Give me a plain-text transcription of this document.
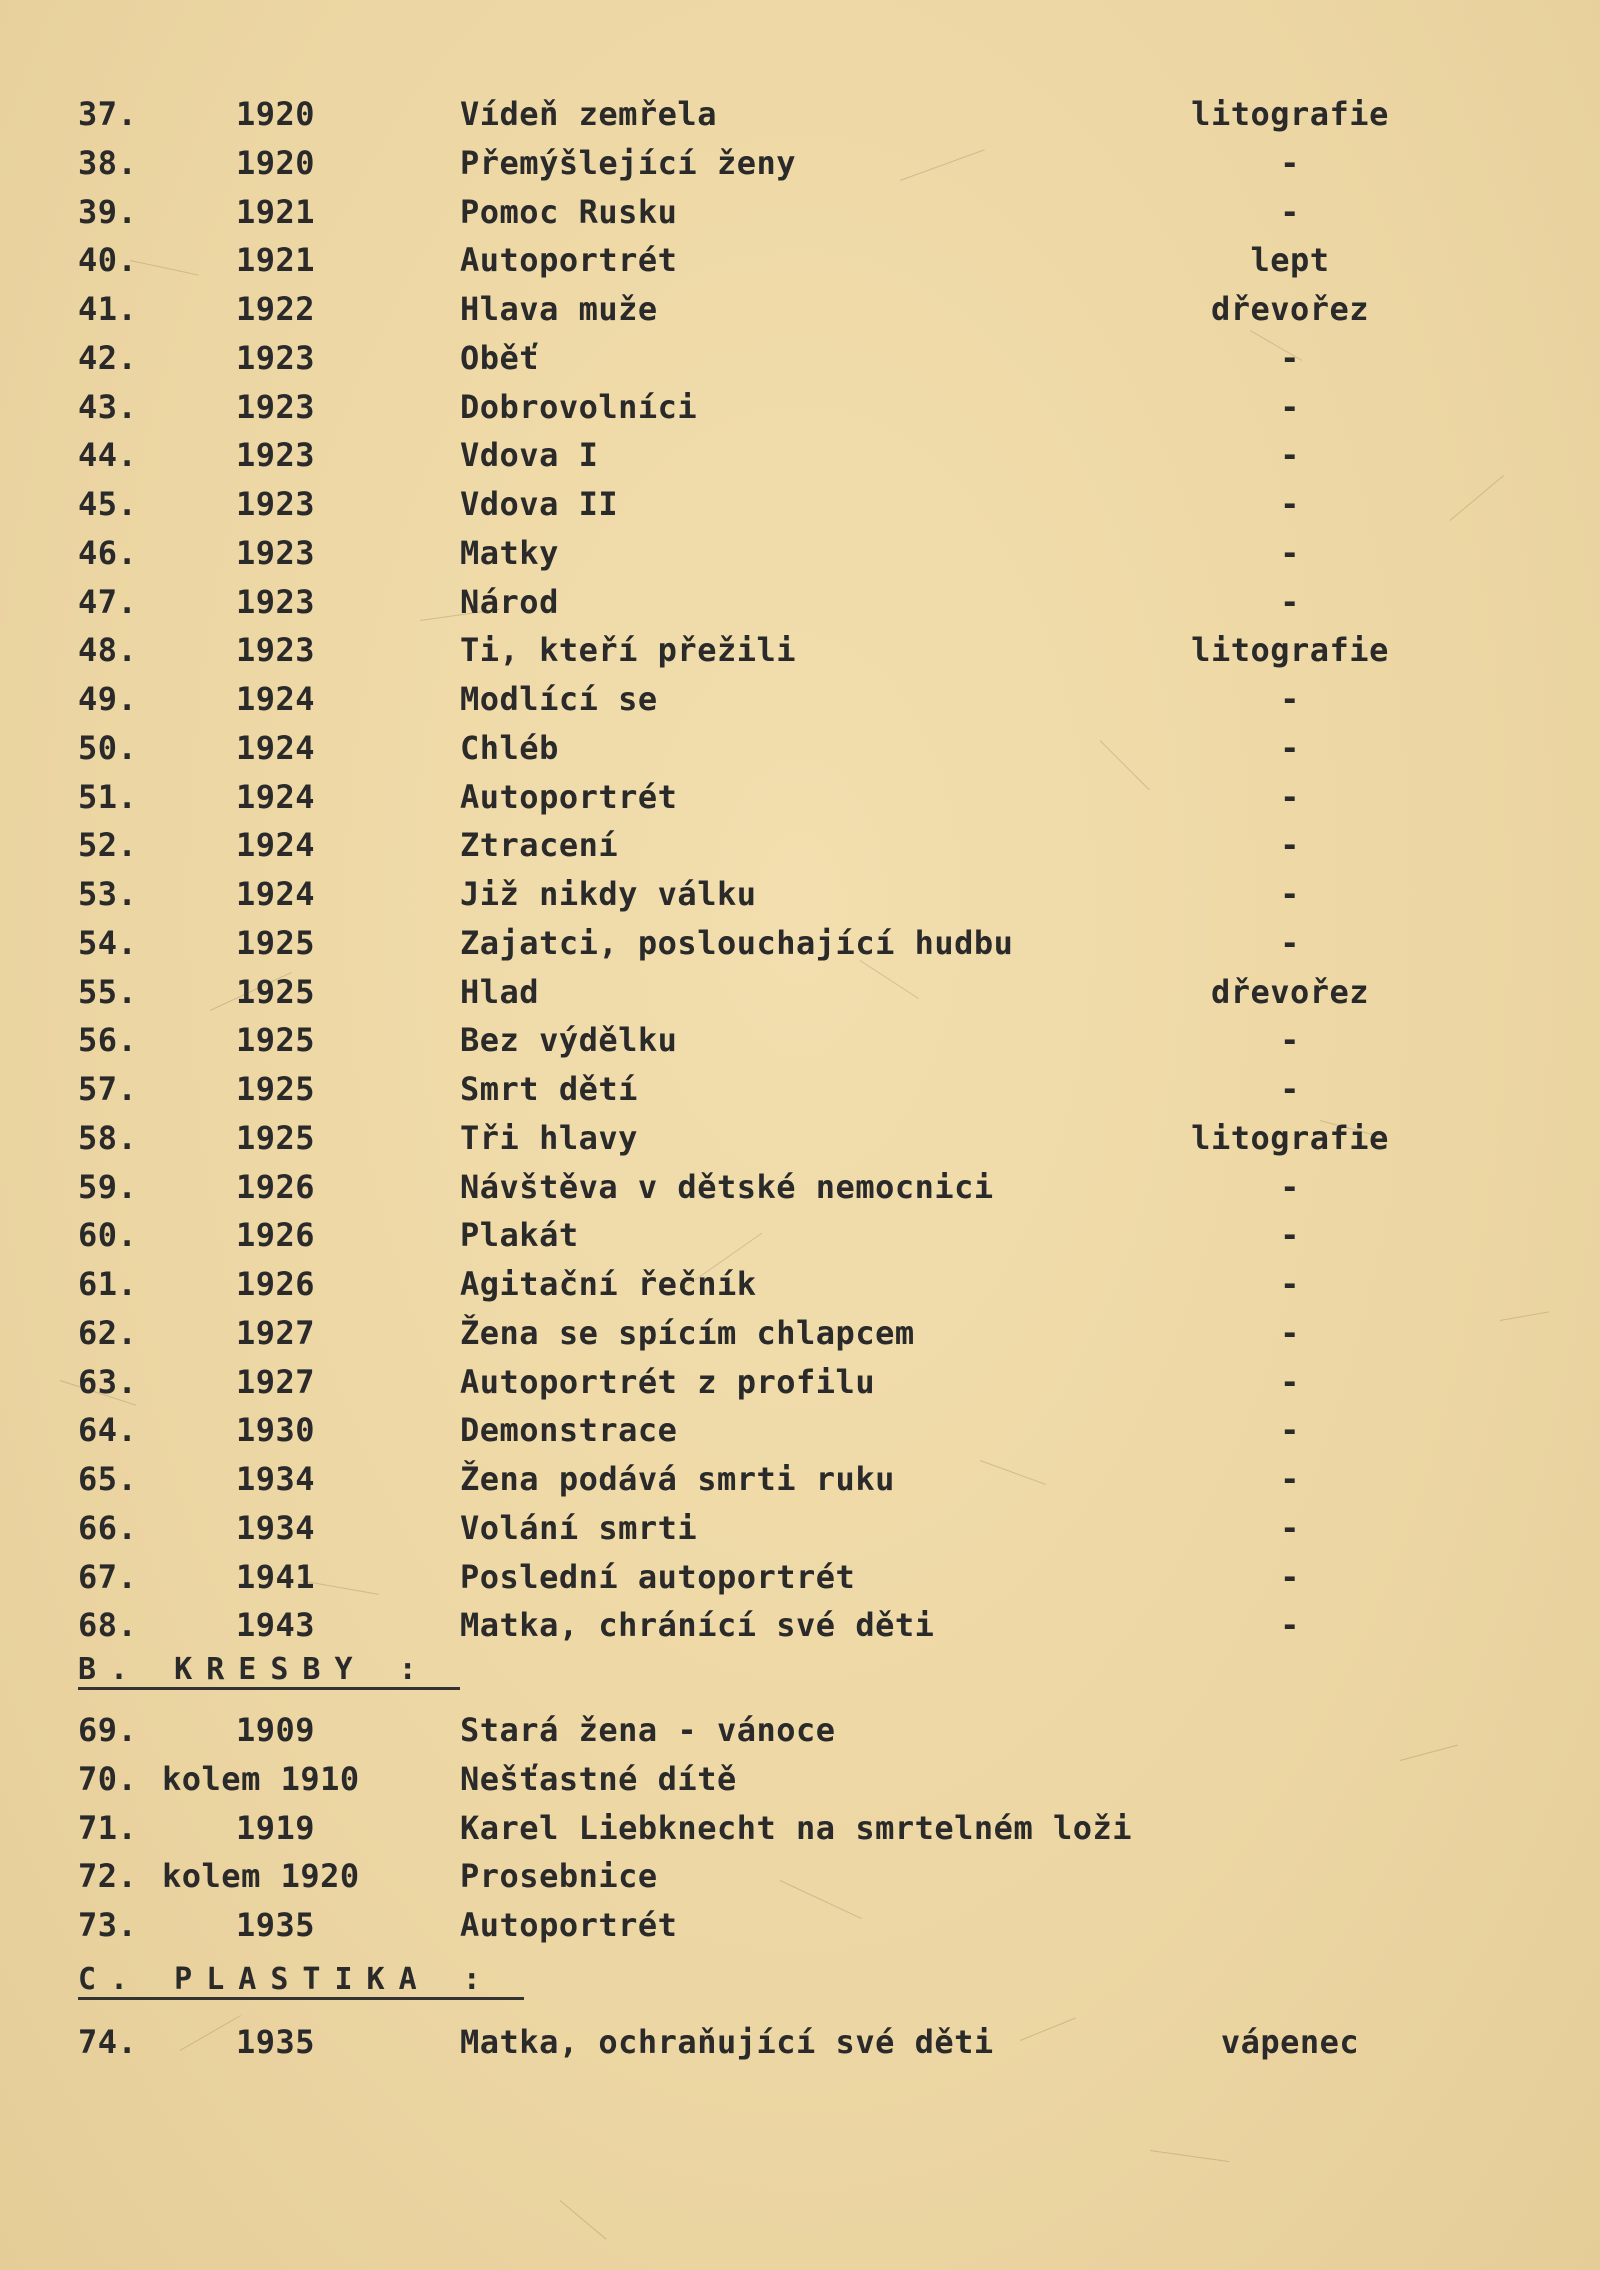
37.	1920	Vídeň zemřela	litografie
38.	1920	Přemýšlející ženy	-
39.	1921	Pomoc Rusku	-
40.	1921	Autoportrét	lept
41.	1922	Hlava muže	dřevořez
42.	1923	Oběť	-
43.	1923	Dobrovolníci	-
44.	1923	Vdova I	-
45.	1923	Vdova II	-
46.	1923	Matky	-
47.	1923	Národ	-
48.	1923	Ti, kteří přežili	litografie
49.	1924	Modlící se	-
50.	1924	Chléb	-
51.	1924	Autoportrét	-
52.	1924	Ztracení	-
53.	1924	Již nikdy válku	-
54.	1925	Zajatci, poslouchající hudbu	-
55.	1925	Hlad	dřevořez
56.	1925	Bez výdělku	-
57.	1925	Smrt dětí	-
58.	1925	Tři hlavy	litografie
59.	1926	Návštěva v dětské nemocnici	-
60.	1926	Plakát	-
61.	1926	Agitační řečník	-
62.	1927	Žena se spícím chlapcem	-
63.	1927	Autoportrét z profilu	-
64.	1930	Demonstrace	-
65.	1934	Žena podává smrti ruku	-
66.	1934	Volání smrti	-
67.	1941	Poslední autoportrét	-
68.	1943	Matka, chránící své děti	-
B. KRESBY :
69.	1909	Stará žena - vánoce
70. kolem 1910	Nešťastné dítě
71.	1919	Karel Liebknecht na smrtelném loži
72. kolem 1920	Prosebnice
73.	1935	Autoportrét
C. PLASTIKA :
74.	1935	Matka, ochraňující své děti	vápenec
